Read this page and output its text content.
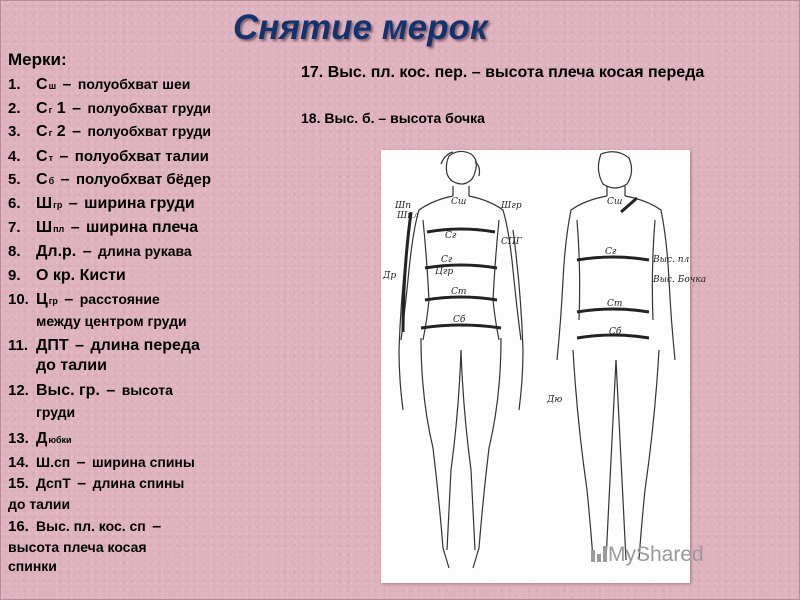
Снятие мерок
Мерки:
1. Сш – полуобхват шеи
2. Сг 1 – полуобхват груди
3. Сг 2 – полуобхват груди
4. Ст – полуобхват талии
5. Сб – полуобхват бёдер
6. Шгр – ширина груди
7. Шпл – ширина плеча
8. Дл.р. – длина рукава
9. О кр. Кисти
10. Цгр – расстояние
между центром груди
11. ДПТ – длина переда
до талии
12. Выс. гр. – высота
груди
13. Дюбки
14. Ш.сп – ширина спины
15. ДспТ – длина спины
до талии
16. Выс. пл. кос. сп –
высота плеча косая
спинки
17. Выс. пл. кос. пер. – высота плеча косая переда
18. Выс. б. – высота бочка
Шп
Шпл
Др
Шгр
СПГ
Сш
Сг
Сг
Цгр
Ст
Сб
Выс. пл
Выс. Бочка
Сш
Сг
Ст
Сб
Дю
MyShared
